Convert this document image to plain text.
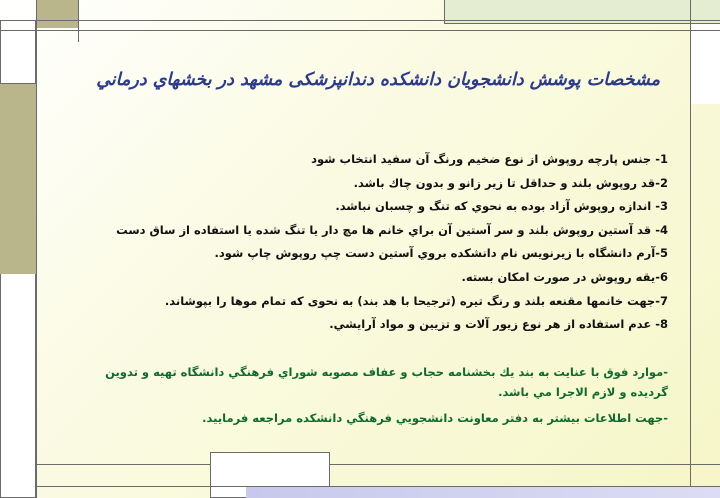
مشخصات پوشش دانشجويان دانشكده دندانپزشكی مشهد در بخشهاي درماني
1- جنس پارچه روپوش از نوع ضخيم ورنگ آن سفيد انتخاب شود
2-قد روپوش بلند و حداقل تا زير زانو و بدون چاك باشد.
3- اندازه روپوش آزاد بوده به نحوي كه تنگ و چسبان نباشد.
4- قد آستين روپوش بلند و سر آستين آن براي خانم ها مچ دار يا تنگ شده يا استفاده از ساق دست
5-آرم دانشگاه با زيرنويس نام دانشكده بروي آستين دست چپ روپوش چاپ شود.
6-يقه روپوش در صورت امكان بسته.
7-جهت خانمها مقنعه بلند و رنگ تيره (ترجيحا با هد بند) به نحوی كه تمام موها را بپوشاند.
8- عدم استفاده از هر نوع زيور آلات و تزيين و مواد آرايشي.
-موارد فوق با عنايت به بند يك بخشنامه حجاب و عفاف مصوبه شوراي فرهنگي دانشگاه تهيه و تدوين گرديده و لازم الاجرا مي باشد.
-جهت اطلاعات بيشتر به دفتر معاونت دانشجويي فرهنگي دانشكده مراجعه فرماييد.
